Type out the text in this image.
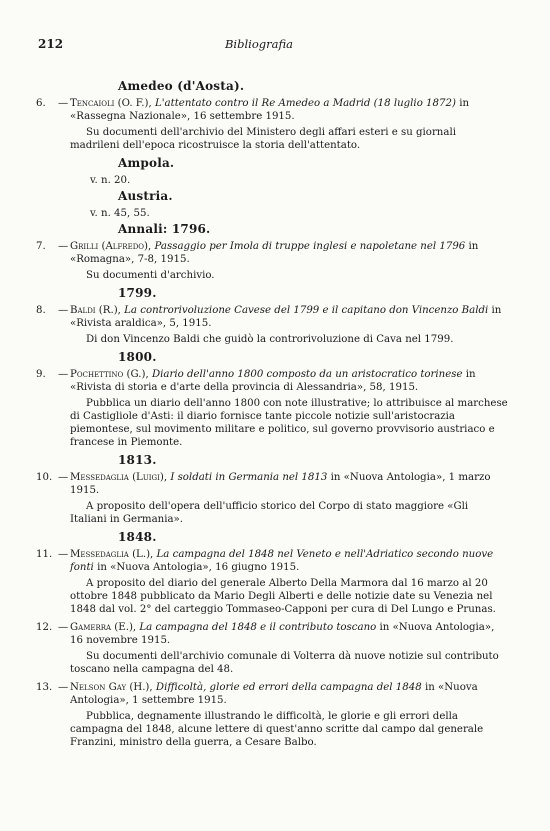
212	Bibliografia
Amedeo (d'Aosta).
6. — Tencaioli (O. F.), L'attentato contro il Re Amedeo a Madrid (18 luglio 1872) in «Rassegna Nazionale», 16 settembre 1915.
Su documenti dell'archivio del Ministero degli affari esteri e su giornali madrileni dell'epoca ricostruisce la storia dell'attentato.
Ampola.
v. n. 20.
Austria.
v. n. 45, 55.
Annali: 1796.
7. — Grilli (Alfredo), Passaggio per Imola di truppe inglesi e napoletane nel 1796 in «Romagna», 7-8, 1915.
Su documenti d'archivio.
1799.
8. — Baldi (R.), La controrivoluzione Cavese del 1799 e il capitano don Vincenzo Baldi in «Rivista araldica», 5, 1915.
Di don Vincenzo Baldi che guidò la controrivoluzione di Cava nel 1799.
1800.
9. — Pochettino (G.), Diario dell'anno 1800 composto da un aristocratico torinese in «Rivista di storia e d'arte della provincia di Alessandria», 58, 1915.
Pubblica un diario dell'anno 1800 con note illustrative; lo attribuisce al marchese di Castigliole d'Asti: il diario fornisce tante piccole notizie sull'aristocrazia piemontese, sul movimento militare e politico, sul governo provvisorio austriaco e francese in Piemonte.
1813.
10. — Messedaglia (Luigi), I soldati in Germania nel 1813 in «Nuova Antologia», 1 marzo 1915.
A proposito dell'opera dell'ufficio storico del Corpo di stato maggiore «Gli Italiani in Germania».
1848.
11. — Messedaglia (L.), La campagna del 1848 nel Veneto e nell'Adriatico secondo nuove fonti in «Nuova Antologia», 16 giugno 1915.
A proposito del diario del generale Alberto Della Marmora dal 16 marzo al 20 ottobre 1848 pubblicato da Mario Degli Alberti e delle notizie date su Venezia nel 1848 dal vol. 2° del carteggio Tommaseo-Capponi per cura di Del Lungo e Prunas.
12. — Gamerra (E.), La campagna del 1848 e il contributo toscano in «Nuova Antologia», 16 novembre 1915.
Su documenti dell'archivio comunale di Volterra dà nuove notizie sul contributo toscano nella campagna del 48.
13. — Nelson Gay (H.), Difficoltà, glorie ed errori della campagna del 1848 in «Nuova Antologia», 1 settembre 1915.
Pubblica, degnamente illustrando le difficoltà, le glorie e gli errori della campagna del 1848, alcune lettere di quest'anno scritte dal campo dal generale Franzini, ministro della guerra, a Cesare Balbo.
